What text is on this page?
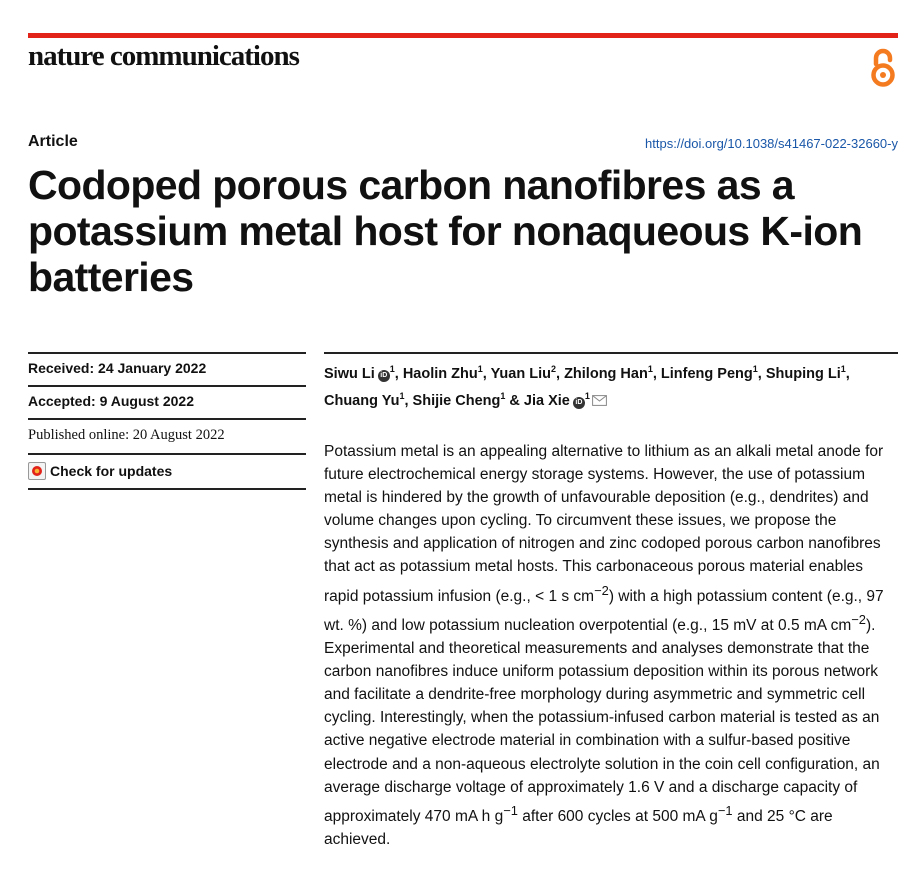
nature communications
Article	https://doi.org/10.1038/s41467-022-32660-y
Codoped porous carbon nanofibres as a potassium metal host for nonaqueous K-ion batteries
Received: 24 January 2022
Accepted: 9 August 2022
Published online: 20 August 2022
Check for updates
Siwu Li $iD^1$, Haolin Zhu$^1$, Yuan Liu$^2$, Zhilong Han$^1$, Linfeng Peng$^1$, Shuping Li$^1$, Chuang Yu$^1$, Shijie Cheng$^1$ & Jia Xie $iD^1$

Potassium metal is an appealing alternative to lithium as an alkali metal anode for future electrochemical energy storage systems. However, the use of potassium metal is hindered by the growth of unfavourable deposition (e.g., dendrites) and volume changes upon cycling. To circumvent these issues, we propose the synthesis and application of nitrogen and zinc codoped porous carbon nanofibres that act as potassium metal hosts. This carbonaceous porous material enables rapid potassium infusion (e.g., < 1 s $cm^{-2}$) with a high potassium content (e.g., 97 wt. %) and low potassium nucleation overpotential (e.g., 15 mV at 0.5 mA $cm^{-2}$). Experimental and theoretical measurements and analyses demonstrate that the carbon nanofibres induce uniform potassium deposition within its porous network and facilitate a dendrite-free morphology during asymmetric and symmetric cell cycling. Interestingly, when the potassium-infused carbon material is tested as an active negative electrode material in combination with a sulfur-based positive electrode and a non-aqueous electrolyte solution in the coin cell configuration, an average discharge voltage of approximately 1.6 V and a discharge capacity of approximately 470 mA h $g^{-1}$ after 600 cycles at 500 mA $g^{-1}$ and 25 °C are achieved.
